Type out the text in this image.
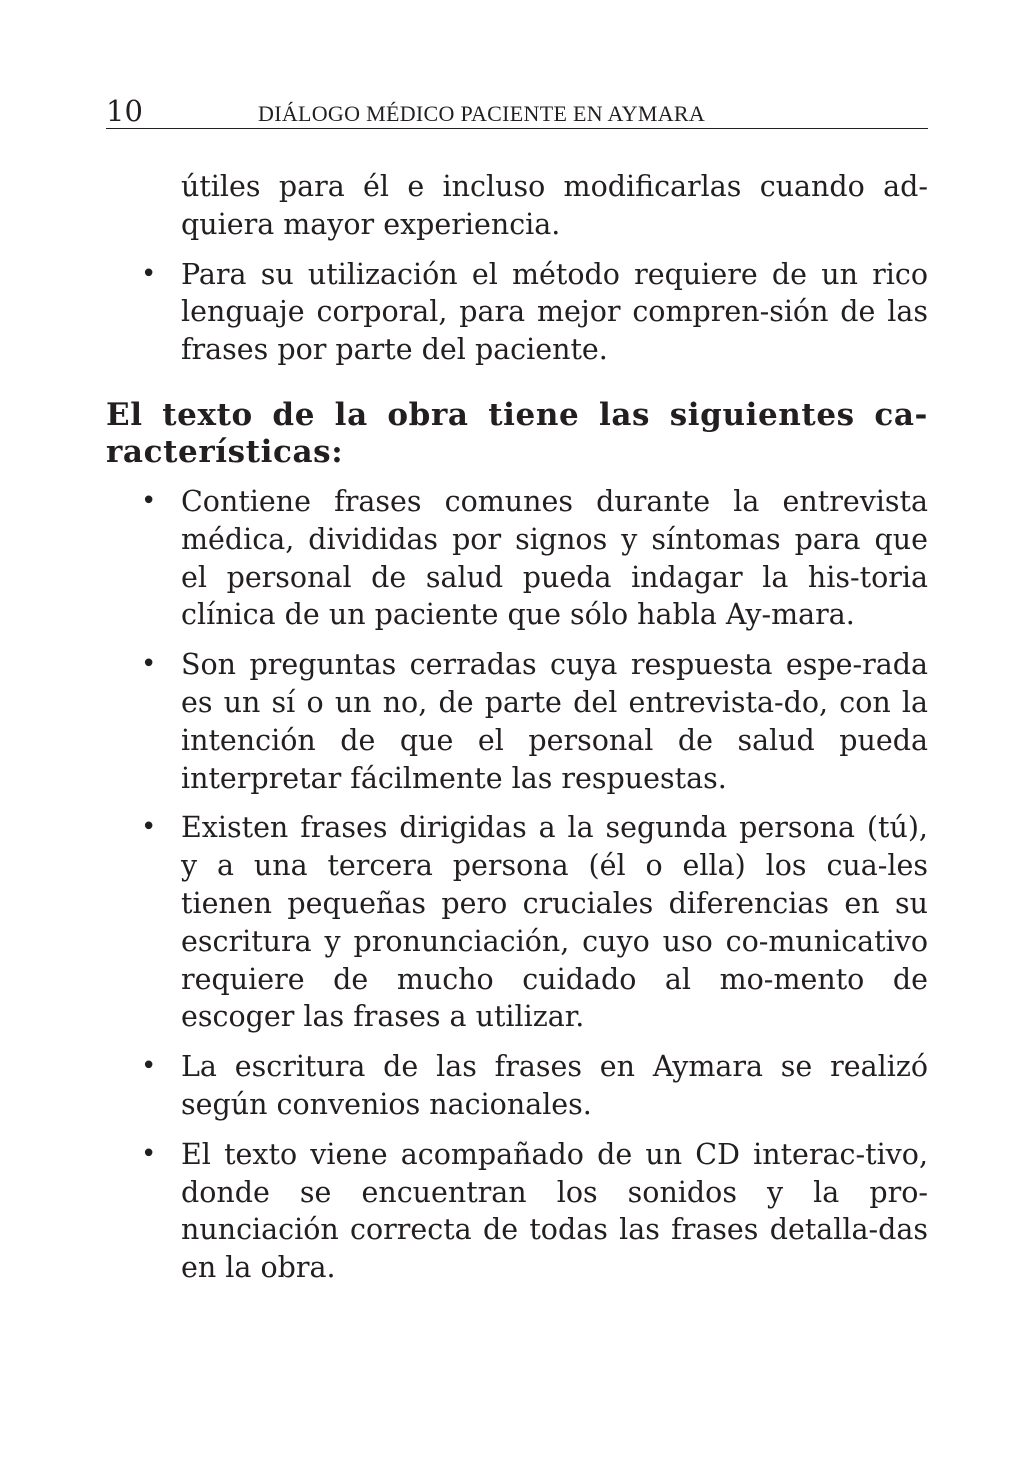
10	DIÁLOGO MÉDICO PACIENTE EN AYMARA

útiles para él e incluso modificarlas cuando ad-quiera mayor experiencia.

• Para su utilización el método requiere de un rico lenguaje corporal, para mejor compren-sión de las frases por parte del paciente.
El texto de la obra tiene las siguientes ca-racterísticas:
• Contiene frases comunes durante la entrevista médica, divididas por signos y síntomas para que el personal de salud pueda indagar la his-toria clínica de un paciente que sólo habla Ay-mara.
• Son preguntas cerradas cuya respuesta espe-rada es un sí o un no, de parte del entrevista-do, con la intención de que el personal de salud pueda interpretar fácilmente las respuestas.
• Existen frases dirigidas a la segunda persona (tú), y a una tercera persona (él o ella) los cua-les tienen pequeñas pero cruciales diferencias en su escritura y pronunciación, cuyo uso co-municativo requiere de mucho cuidado al mo-mento de escoger las frases a utilizar.
• La escritura de las frases en Aymara se realizó según convenios nacionales.
• El texto viene acompañado de un CD interac-tivo, donde se encuentran los sonidos y la pro-nunciación correcta de todas las frases detalla-das en la obra.
